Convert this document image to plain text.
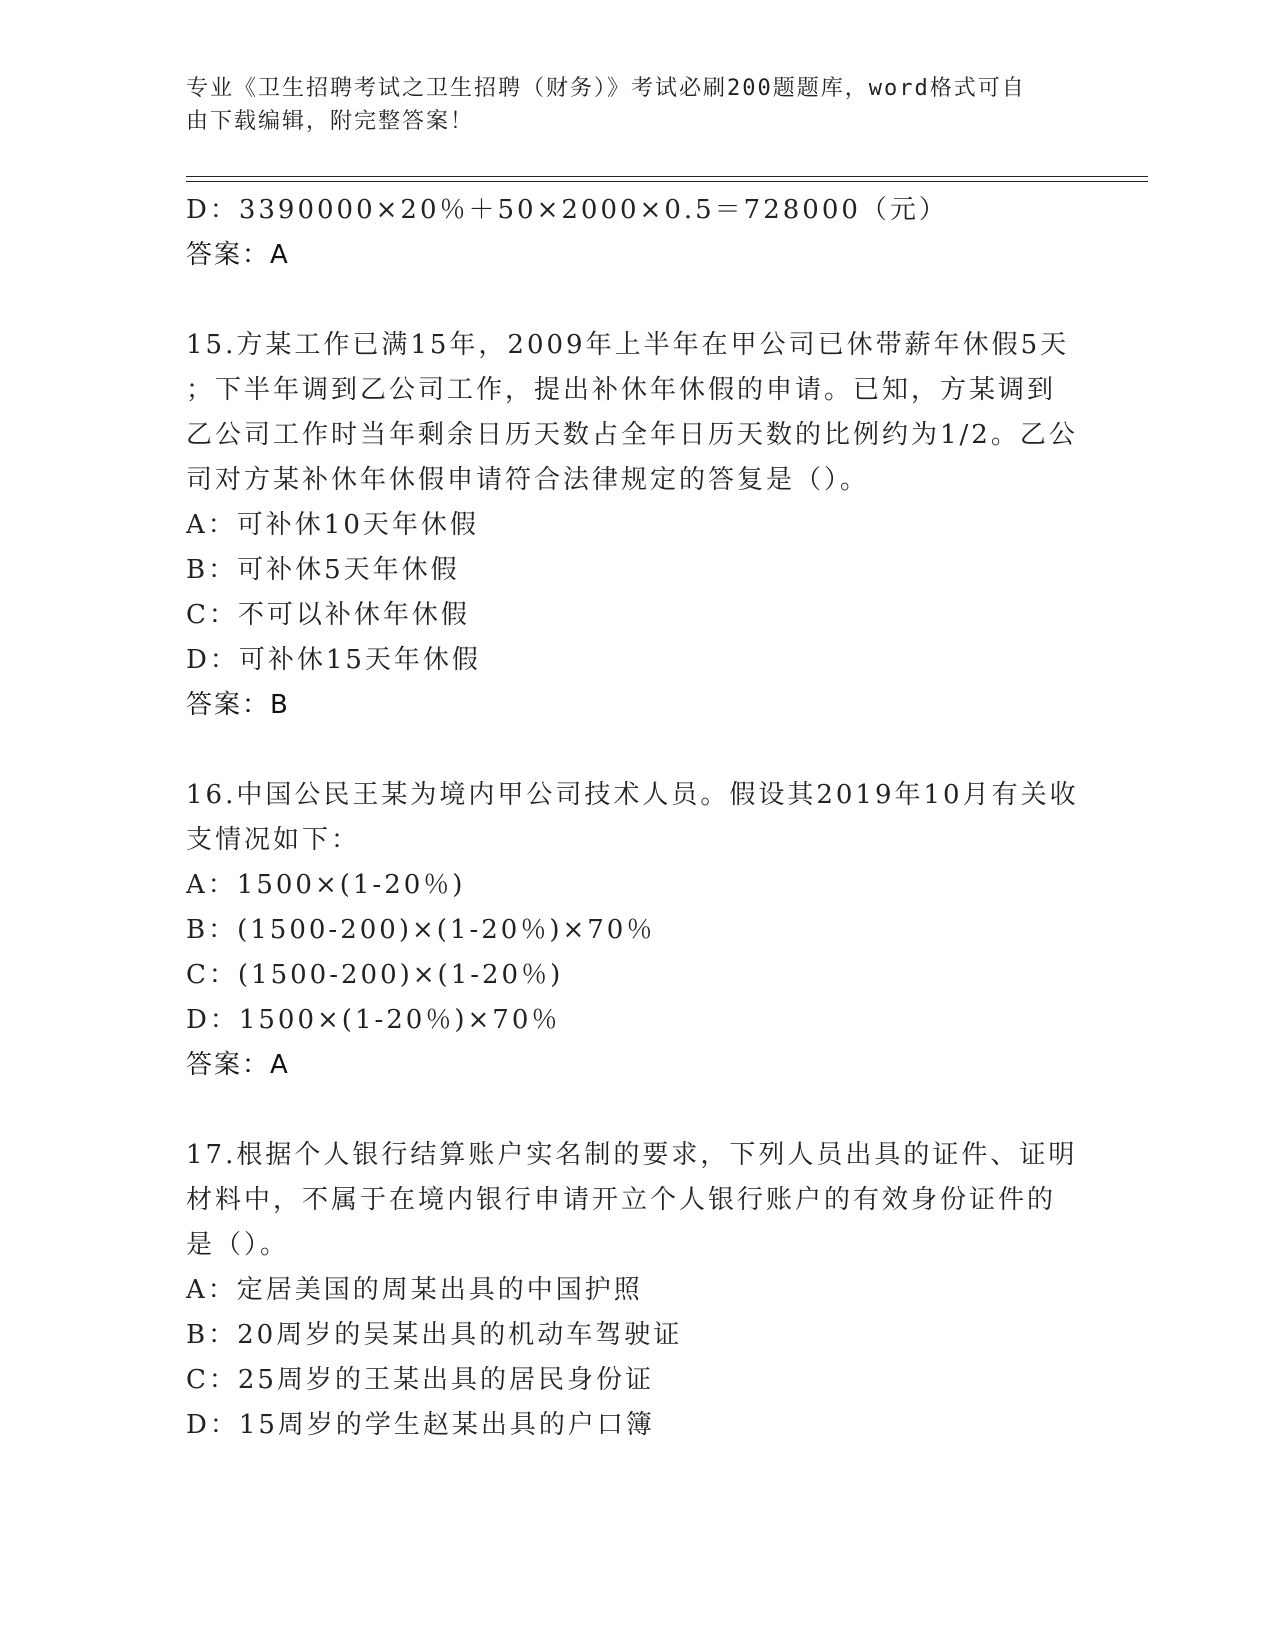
专业《卫生招聘考试之卫生招聘（财务）》考试必刷200题题库，word格式可自
由下载编辑，附完整答案！
D：3390000×20％＋50×2000×0.5＝728000（元）
答案：A
15.方某工作已满15年，2009年上半年在甲公司已休带薪年休假5天
；下半年调到乙公司工作，提出补休年休假的申请。已知，方某调到
乙公司工作时当年剩余日历天数占全年日历天数的比例约为1/2。乙公
司对方某补休年休假申请符合法律规定的答复是（）。
A：可补休10天年休假
B：可补休5天年休假
C：不可以补休年休假
D：可补休15天年休假
答案：B
16.中国公民王某为境内甲公司技术人员。假设其2019年10月有关收
支情况如下：
A：1500×(1-20％)
B：(1500-200)×(1-20％)×70％
C：(1500-200)×(1-20％)
D：1500×(1-20％)×70％
答案：A
17.根据个人银行结算账户实名制的要求，下列人员出具的证件、证明
材料中，不属于在境内银行申请开立个人银行账户的有效身份证件的
是（）。
A：定居美国的周某出具的中国护照
B：20周岁的吴某出具的机动车驾驶证
C：25周岁的王某出具的居民身份证
D：15周岁的学生赵某出具的户口簿
